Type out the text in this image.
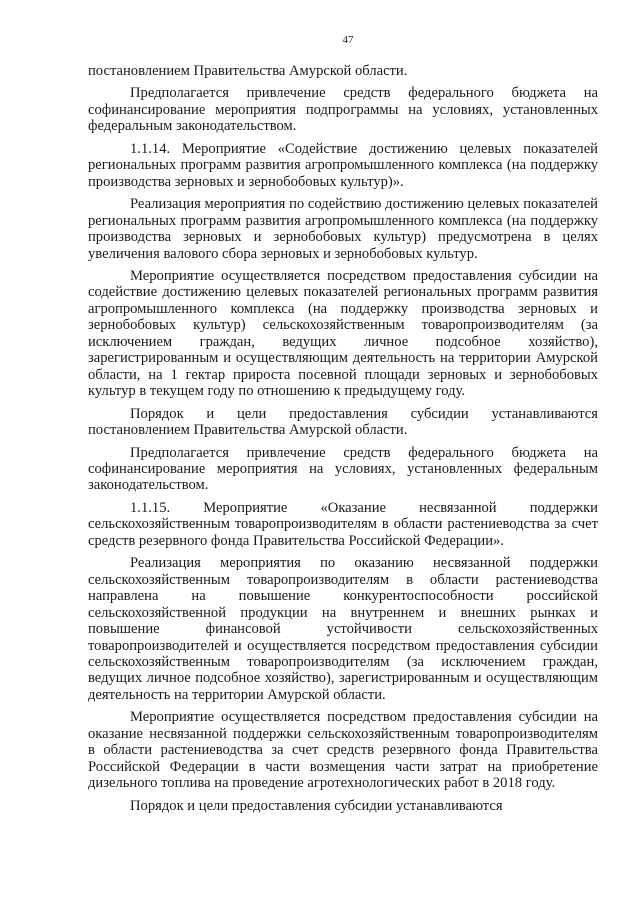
47

постановлением Правительства Амурской области.

Предполагается привлечение средств федерального бюджета на софинансирование мероприятия подпрограммы на условиях, установленных федеральным законодательством.

1.1.14. Мероприятие «Содействие достижению целевых показателей региональных программ развития агропромышленного комплекса (на поддержку производства зерновых и зернобобовых культур)».

Реализация мероприятия по содействию достижению целевых показателей региональных программ развития агропромышленного комплекса (на поддержку производства зерновых и зернобобовых культур) предусмотрена в целях увеличения валового сбора зерновых и зернобобовых культур.

Мероприятие осуществляется посредством предоставления субсидии на содействие достижению целевых показателей региональных программ развития агропромышленного комплекса (на поддержку производства зерновых и зернобобовых культур) сельскохозяйственным товаропроизводителям (за исключением граждан, ведущих личное подсобное хозяйство), зарегистрированным и осуществляющим деятельность на территории Амурской области, на 1 гектар прироста посевной площади зерновых и зернобобовых культур в текущем году по отношению к предыдущему году.

Порядок и цели предоставления субсидии устанавливаются постановлением Правительства Амурской области.

Предполагается привлечение средств федерального бюджета на софинансирование мероприятия на условиях, установленных федеральным законодательством.

1.1.15. Мероприятие «Оказание несвязанной поддержки сельскохозяйственным товаропроизводителям в области растениеводства за счет средств резервного фонда Правительства Российской Федерации».

Реализация мероприятия по оказанию несвязанной поддержки сельскохозяйственным товаропроизводителям в области растениеводства направлена на повышение конкурентоспособности российской сельскохозяйственной продукции на внутреннем и внешних рынках и повышение финансовой устойчивости сельскохозяйственных товаропроизводителей и осуществляется посредством предоставления субсидии сельскохозяйственным товаропроизводителям (за исключением граждан, ведущих личное подсобное хозяйство), зарегистрированным и осуществляющим деятельность на территории Амурской области.

Мероприятие осуществляется посредством предоставления субсидии на оказание несвязанной поддержки сельскохозяйственным товаропроизводителям в области растениеводства за счет средств резервного фонда Правительства Российской Федерации в части возмещения части затрат на приобретение дизельного топлива на проведение агротехнологических работ в 2018 году.

Порядок и цели предоставления субсидии устанавливаются
